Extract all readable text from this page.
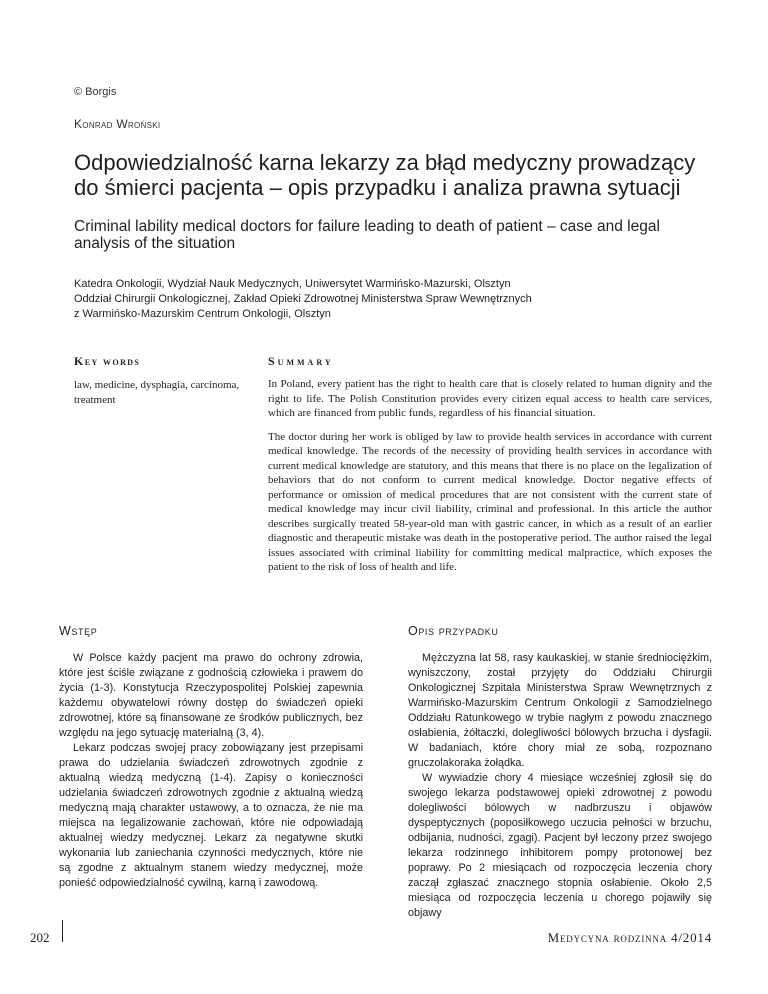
© Borgis
Konrad Wroński
Odpowiedzialność karna lekarzy za błąd medyczny prowadzący do śmierci pacjenta – opis przypadku i analiza prawna sytuacji
Criminal lability medical doctors for failure leading to death of patient – case and legal analysis of the situation
Katedra Onkologii, Wydział Nauk Medycznych, Uniwersytet Warmińsko-Mazurski, Olsztyn
Oddział Chirurgii Onkologicznej, Zakład Opieki Zdrowotnej Ministerstwa Spraw Wewnętrznych
z Warmińsko-Mazurskim Centrum Onkologii, Olsztyn
Key words
law, medicine, dysphagia, carcinoma, treatment
Summary

In Poland, every patient has the right to health care that is closely related to human dignity and the right to life. The Polish Constitution provides every citizen equal access to health care services, which are financed from public funds, regardless of his financial situation.

The doctor during her work is obliged by law to provide health services in accordance with current medical knowledge. The records of the necessity of providing health services in accordance with current medical knowledge are statutory, and this means that there is no place on the legalization of behaviors that do not conform to current medical knowledge. Doctor negative effects of performance or omission of medical procedures that are not consistent with the current state of medical knowledge may incur civil liability, criminal and professional. In this article the author describes surgically treated 58-year-old man with gastric cancer, in which as a result of an earlier diagnostic and therapeutic mistake was death in the postoperative period. The author raised the legal issues associated with criminal liability for committing medical malpractice, which exposes the patient to the risk of loss of health and life.

Wstęp

W Polsce każdy pacjent ma prawo do ochrony zdrowia, które jest ściśle związane z godnością człowieka i prawem do życia (1-3). Konstytucja Rzeczypospolitej Polskiej zapewnia każdemu obywatelowi równy dostęp do świadczeń opieki zdrowotnej, które są finansowane ze środków publicznych, bez względu na jego sytuację materialną (3, 4).

Lekarz podczas swojej pracy zobowiązany jest przepisami prawa do udzielania świadczeń zdrowotnych zgodnie z aktualną wiedzą medyczną (1-4). Zapisy o konieczności udzielania świadczeń zdrowotnych zgodnie z aktualną wiedzą medyczną mają charakter ustawowy, a to oznacza, że nie ma miejsca na legalizowanie zachowań, które nie odpowiadają aktualnej wiedzy medycznej. Lekarz za negatywne skutki wykonania lub zaniechania czynności medycznych, które nie są zgodne z aktualnym stanem wiedzy medycznej, może ponieść odpowiedzialność cywilną, karną i zawodową.

Opis przypadku

Mężczyzna lat 58, rasy kaukaskiej, w stanie średniociężkim, wyniszczony, został przyjęty do Oddziału Chirurgii Onkologicznej Szpitala Ministerstwa Spraw Wewnętrznych z Warmińsko-Mazurskim Centrum Onkologii z Samodzielnego Oddziału Ratunkowego w trybie nagłym z powodu znacznego osłabienia, żółtaczki, dolegliwości bólowych brzucha i dysfagii. W badaniach, które chory miał ze sobą, rozpoznano gruczolakoraka żołądka.

W wywiadzie chory 4 miesiące wcześniej zgłosił się do swojego lekarza podstawowej opieki zdrowotnej z powodu dolegliwości bólowych w nadbrzuszu i objawów dyspeptycznych (poposiłkowego uczucia pełności w brzuchu, odbijania, nudności, zgagi). Pacjent był leczony przez swojego lekarza rodzinnego inhibitorem pompy protonowej bez poprawy. Po 2 miesiącach od rozpoczęcia leczenia chory zaczął zgłaszać znacznego stopnia osłabienie. Około 2,5 miesiąca od rozpoczęcia leczenia u chorego pojawiły się objawy

202	Medycyna rodzinna 4/2014
